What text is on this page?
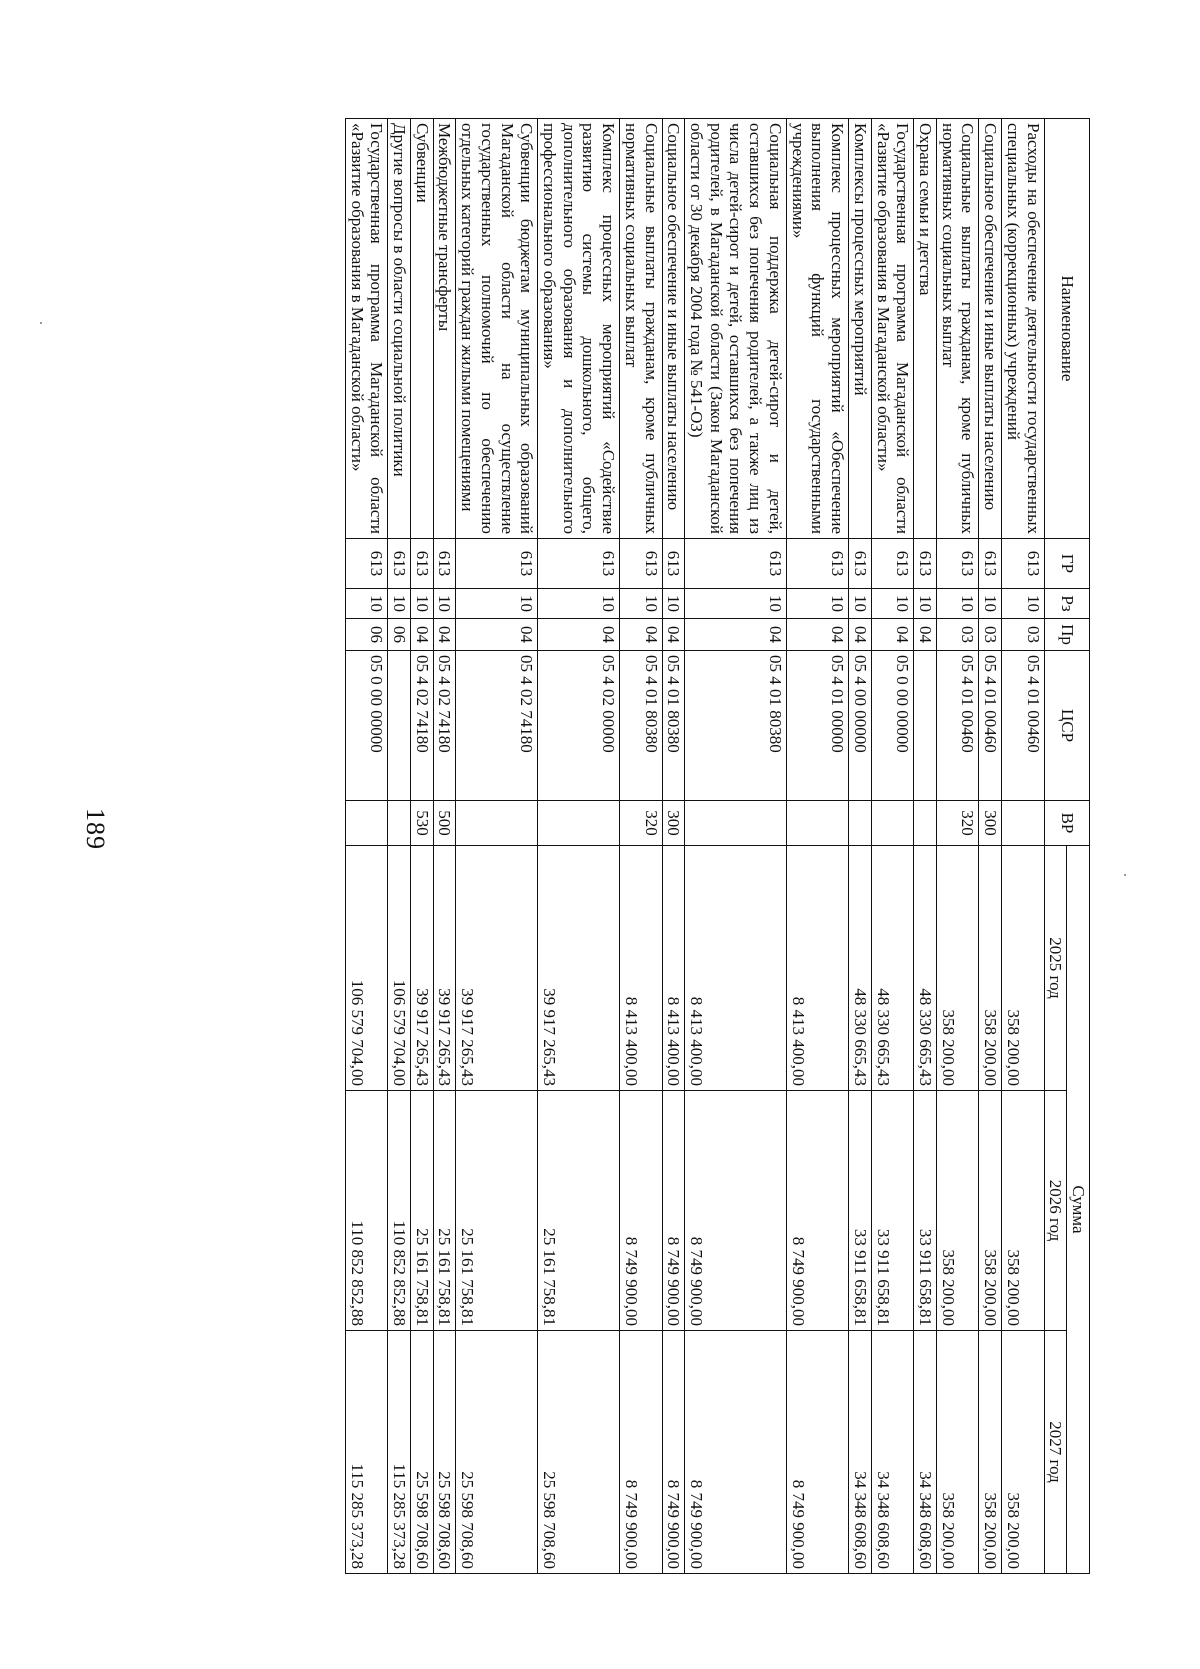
189
Наименование	ГР	Рз	Пр	ЦСР	ВР	Сумма		
						2025 год	2026 год	2027 год
Расходы на обеспечение деятельности государственных специальных (коррекционных) учреждений	613	10	03	05 4 01 00460		358 200,00	358 200,00	358 200,00
Социальное обеспечение и иные выплаты населению	613	10	03	05 4 01 00460	300	358 200,00	358 200,00	358 200,00
Социальные выплаты гражданам, кроме публичных нормативных социальных выплат	613	10	03	05 4 01 00460	320	358 200,00	358 200,00	358 200,00
Охрана семьи и детства	613	10	04			48 330 665,43	33 911 658,81	34 348 608,60
Государственная программа Магаданской области «Развитие образования в Магаданской области»	613	10	04	05 0 00 00000		48 330 665,43	33 911 658,81	34 348 608,60
Комплексы процессных мероприятий	613	10	04	05 4 00 00000		48 330 665,43	33 911 658,81	34 348 608,60
Комплекс процессных мероприятий «Обеспечение выполнения функций государственными учреждениями»	613	10	04	05 4 01 00000		8 413 400,00	8 749 900,00	8 749 900,00
Социальная поддержка детей-сирот и детей, оставшихся без попечения родителей, а также лиц из числа детей-сирот и детей, оставшихся без попечения родителей, в Магаданской области (Закон Магаданской области от 30 декабря 2004 года № 541-ОЗ)	613	10	04	05 4 01 80380		8 413 400,00	8 749 900,00	8 749 900,00
Социальное обеспечение и иные выплаты населению	613	10	04	05 4 01 80380	300	8 413 400,00	8 749 900,00	8 749 900,00
Социальные выплаты гражданам, кроме публичных нормативных социальных выплат	613	10	04	05 4 01 80380	320	8 413 400,00	8 749 900,00	8 749 900,00
Комплекс процессных мероприятий «Содействие развитию системы дошкольного, общего, дополнительного образования и дополнительного профессионального образования»	613	10	04	05 4 02 00000		39 917 265,43	25 161 758,81	25 598 708,60
Субвенции бюджетам муниципальных образований Магаданской области на осуществление государственных полномочий по обеспечению отдельных категорий граждан жилыми помещениями	613	10	04	05 4 02 74180		39 917 265,43	25 161 758,81	25 598 708,60
Межбюджетные трансферты	613	10	04	05 4 02 74180	500	39 917 265,43	25 161 758,81	25 598 708,60
Субвенции	613	10	04	05 4 02 74180	530	39 917 265,43	25 161 758,81	25 598 708,60
Другие вопросы в области социальной политики	613	10	06			106 579 704,00	110 852 852,88	115 285 373,28
Государственная программа Магаданской области «Развитие образования в Магаданской области»	613	10	06	05 0 00 00000		106 579 704,00	110 852 852,88	115 285 373,28
